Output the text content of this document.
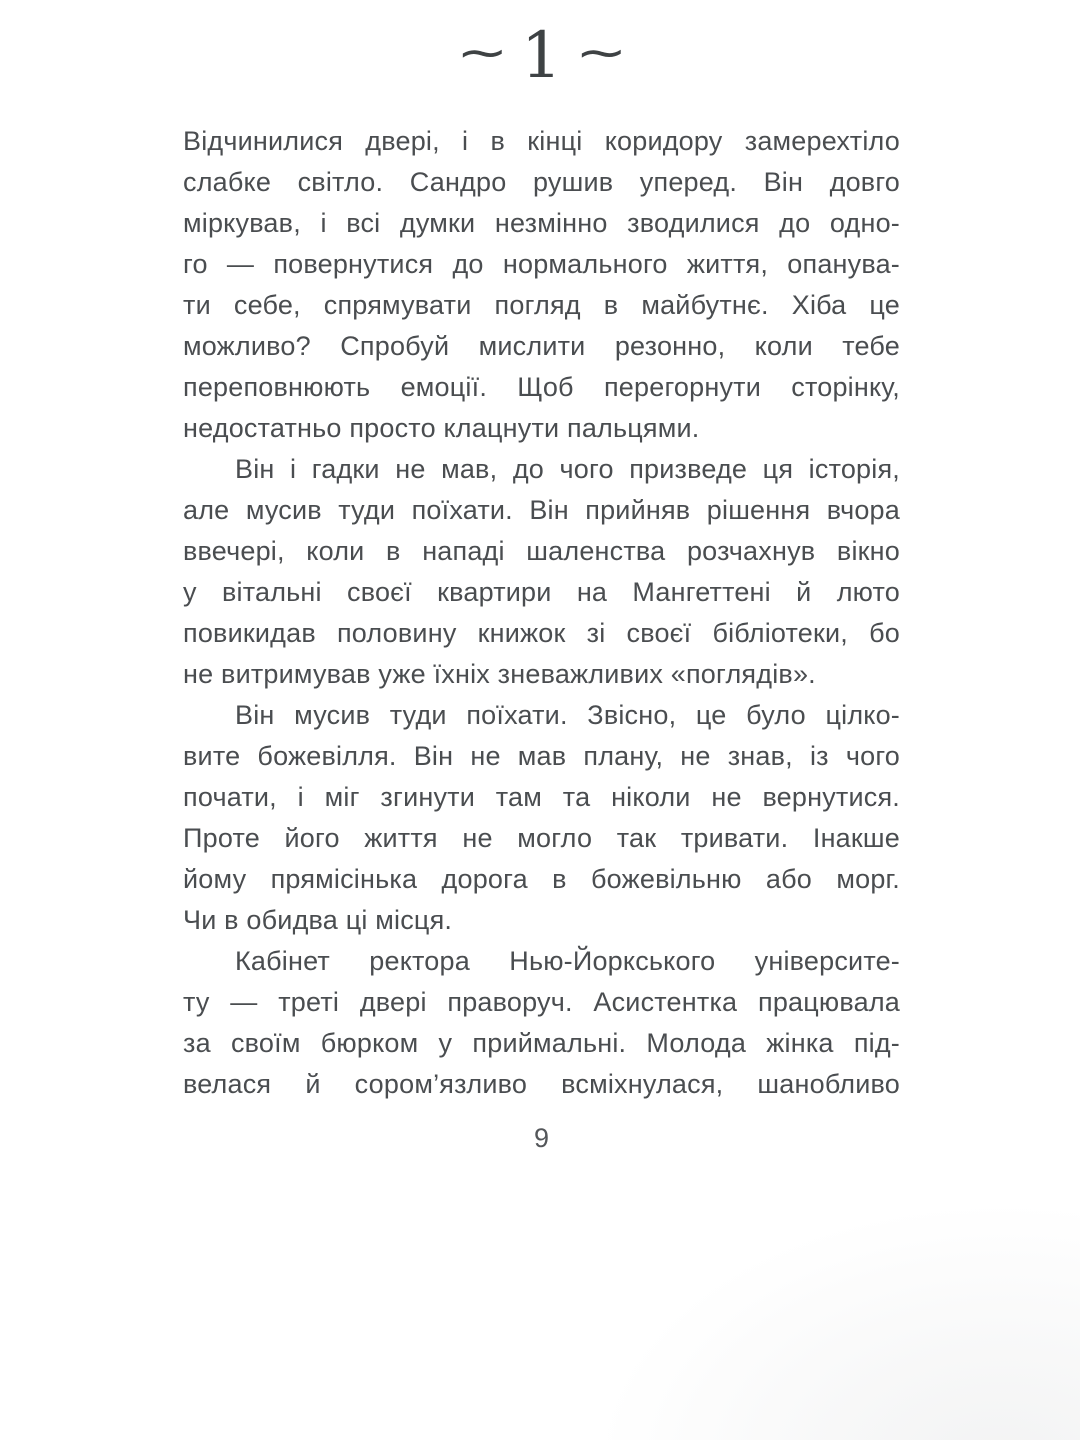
~ 1 ~
Відчинилися двері, і в кінці коридору замерехтіло
слабке світло. Сандро рушив уперед. Він довго
міркував, і всі думки незмінно зводилися до одно-
го — повернутися до нормального життя, опанува-
ти себе, спрямувати погляд в майбутнє. Хіба це
можливо? Спробуй мислити резонно, коли тебе
переповнюють емоції. Щоб перегорнути сторінку,
недостатньо просто клацнути пальцями.
Він і гадки не мав, до чого призведе ця історія,
але мусив туди поїхати. Він прийняв рішення вчора
ввечері, коли в нападі шаленства розчахнув вікно
у вітальні своєї квартири на Мангеттені й люто
повикидав половину книжок зі своєї бібліотеки, бо
не витримував уже їхніх зневажливих «поглядів».
Він мусив туди поїхати. Звісно, це було цілко-
вите божевілля. Він не мав плану, не знав, із чого
почати, і міг згинути там та ніколи не вернутися.
Проте його життя не могло так тривати. Інакше
йому прямісінька дорога в божевільню або морг.
Чи в обидва ці місця.
Кабінет ректора Нью-Йоркського університе-
ту — треті двері праворуч. Асистентка працювала
за своїм бюрком у приймальні. Молода жінка під-
велася й сором’язливо всміхнулася, шанобливо
9
